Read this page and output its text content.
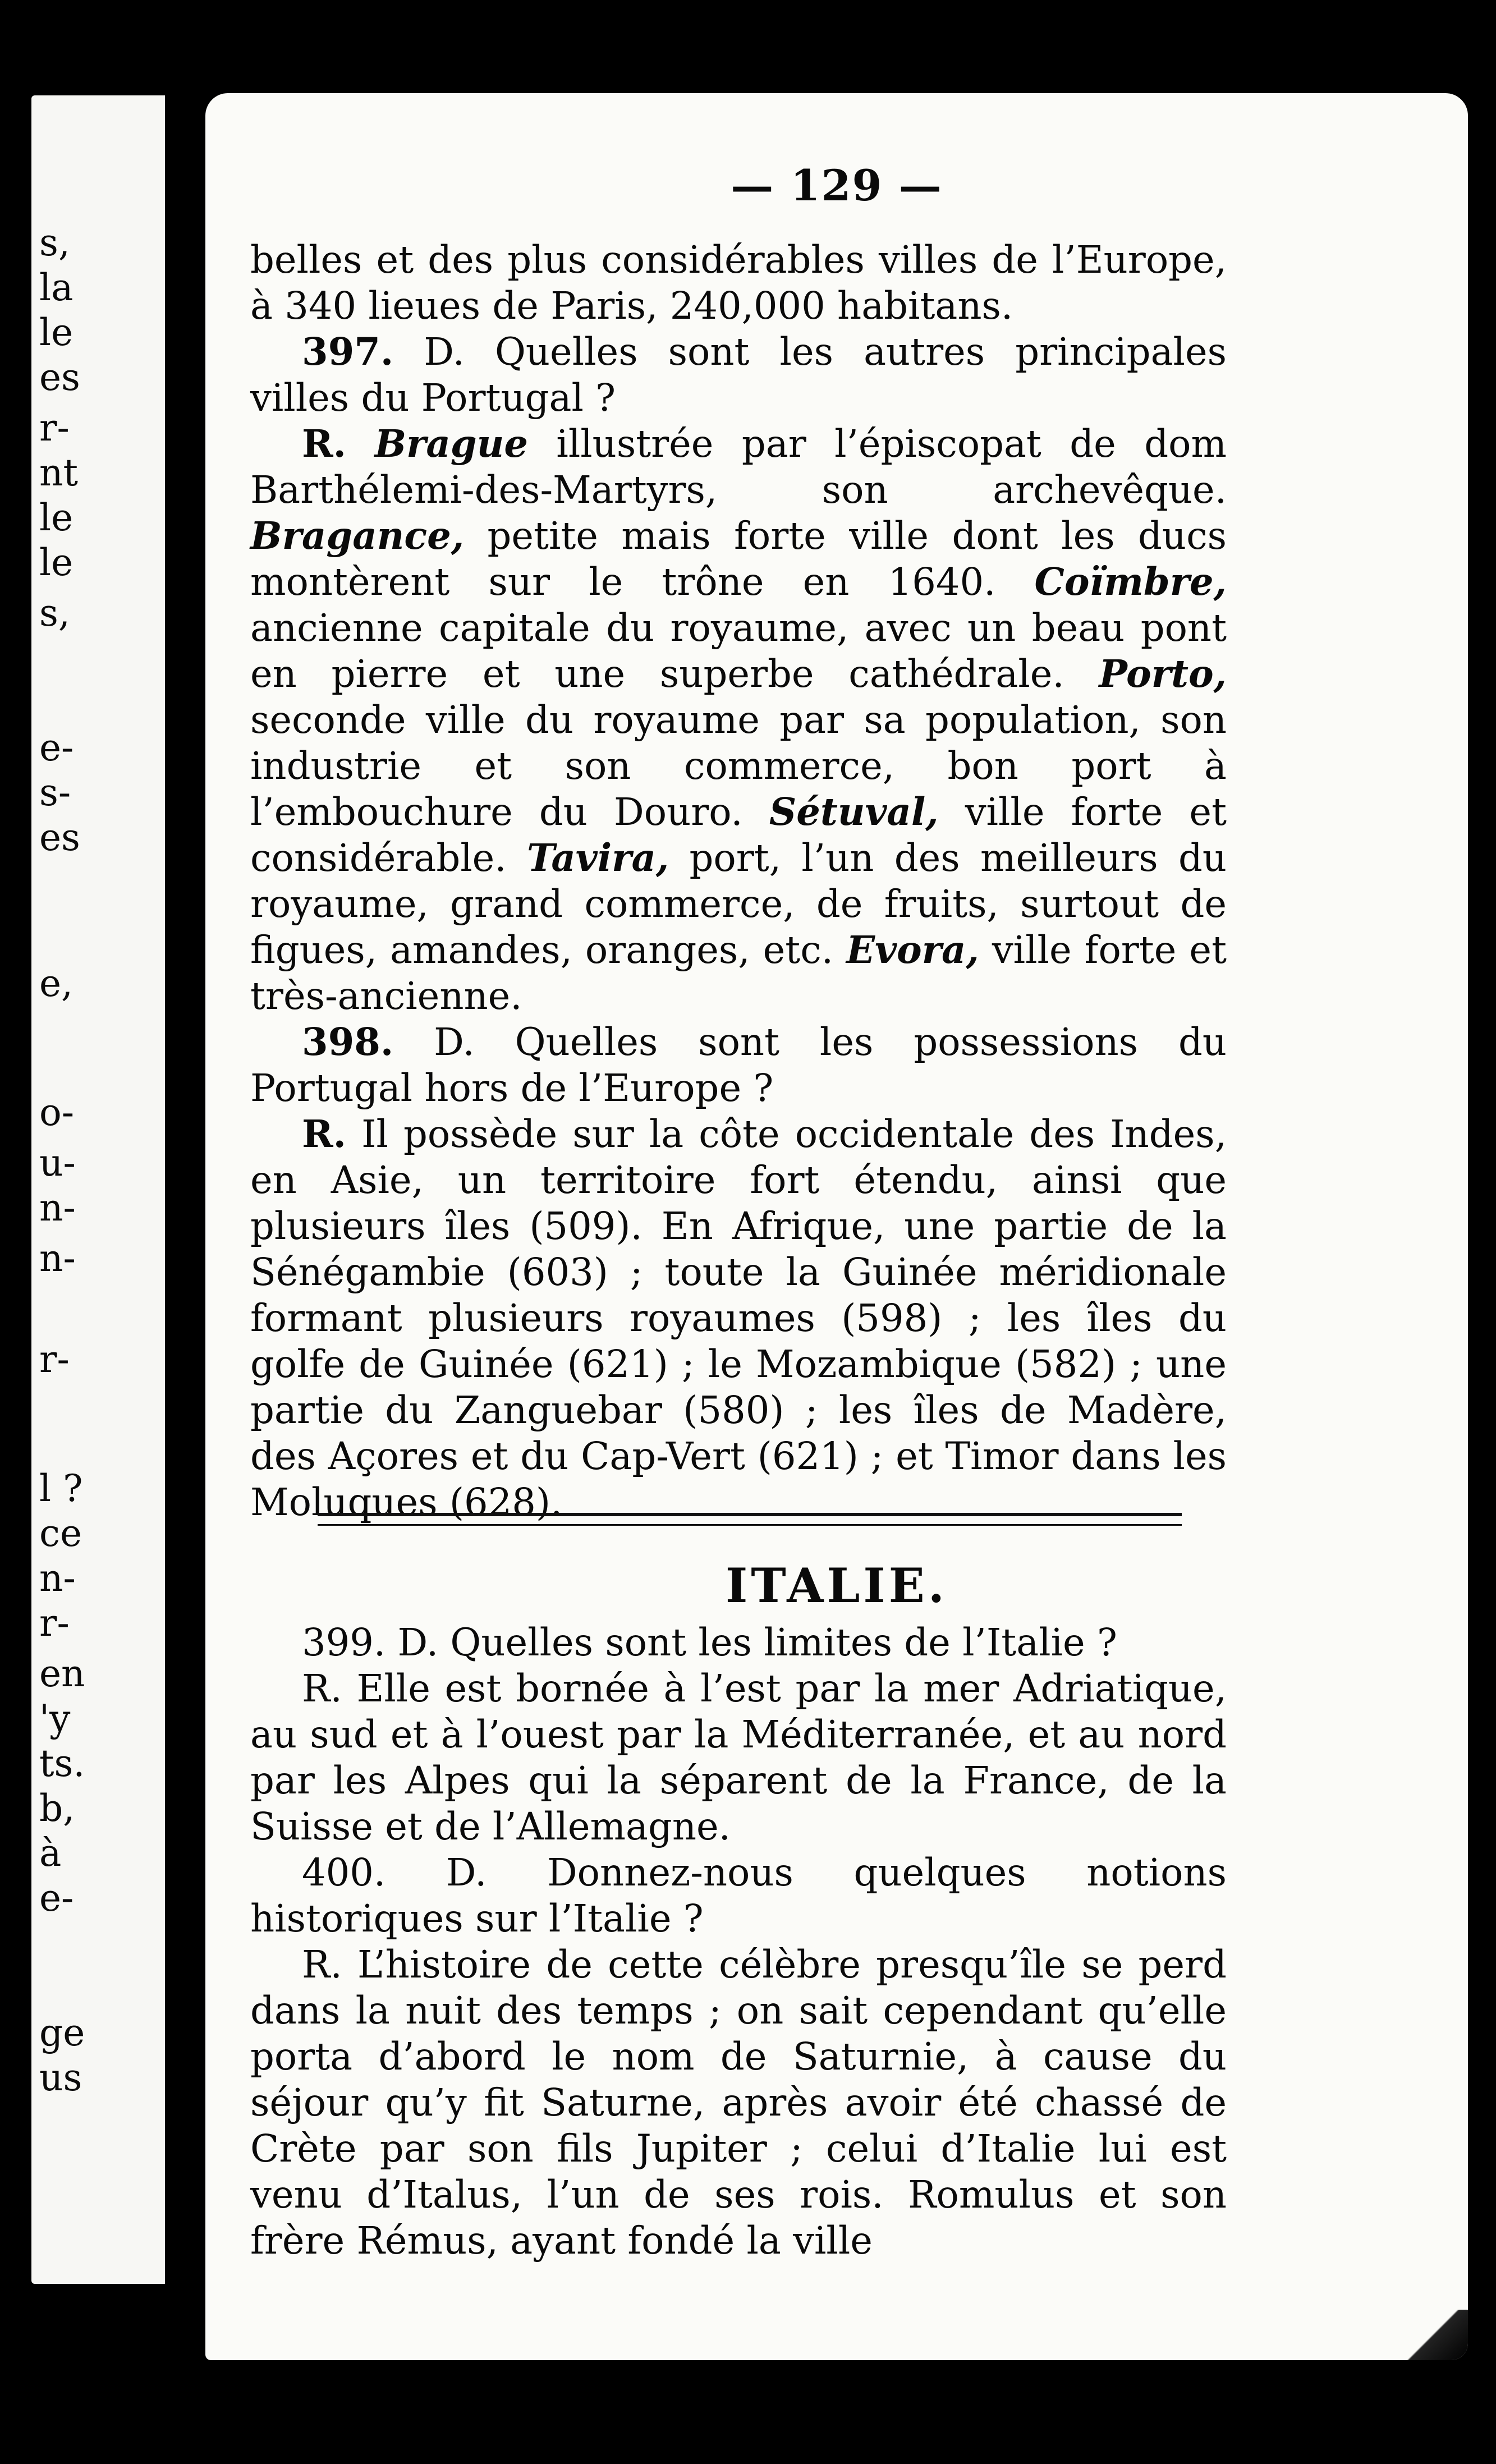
s,
la
le
es
r-
nt
le
le
s,
e-
s-
es
e,
o-
u-
n-
n-
r-
l ?
ce
n-
r-
en
'y
ts.
b,
à
e-
ge
us
— 129 —

belles et des plus considérables villes de l’Europe, à 340 lieues de Paris, 240,000 habitans.

397. D. Quelles sont les autres principales villes du Portugal ?

R. Brague illustrée par l’épiscopat de dom Barthélemi-des-Martyrs, son archevêque. Bragance, petite mais forte ville dont les ducs montèrent sur le trône en 1640. Coïmbre, ancienne capitale du royaume, avec un beau pont en pierre et une superbe cathédrale. Porto, seconde ville du royaume par sa population, son industrie et son commerce, bon port à l’embouchure du Douro. Sétuval, ville forte et considérable. Tavira, port, l’un des meilleurs du royaume, grand commerce, de fruits, surtout de figues, amandes, oranges, etc. Evora, ville forte et très-ancienne.

398. D. Quelles sont les possessions du Portugal hors de l’Europe ?

R. Il possède sur la côte occidentale des Indes, en Asie, un territoire fort étendu, ainsi que plusieurs îles (509). En Afrique, une partie de la Sénégambie (603) ; toute la Guinée méridionale formant plusieurs royaumes (598) ; les îles du golfe de Guinée (621) ; le Mozambique (582) ; une partie du Zanguebar (580) ; les îles de Madère, des Açores et du Cap-Vert (621) ; et Timor dans les Moluques (628).

ITALIE.

399. D. Quelles sont les limites de l’Italie ?

R. Elle est bornée à l’est par la mer Adriatique, au sud et à l’ouest par la Méditerranée, et au nord par les Alpes qui la séparent de la France, de la Suisse et de l’Allemagne.

400. D. Donnez-nous quelques notions historiques sur l’Italie ?

R. L’histoire de cette célèbre presqu’île se perd dans la nuit des temps ; on sait cependant qu’elle porta d’abord le nom de Saturnie, à cause du séjour qu’y fit Saturne, après avoir été chassé de Crète par son fils Jupiter ; celui d’Italie lui est venu d’Italus, l’un de ses rois. Romulus et son frère Rémus, ayant fondé la ville
